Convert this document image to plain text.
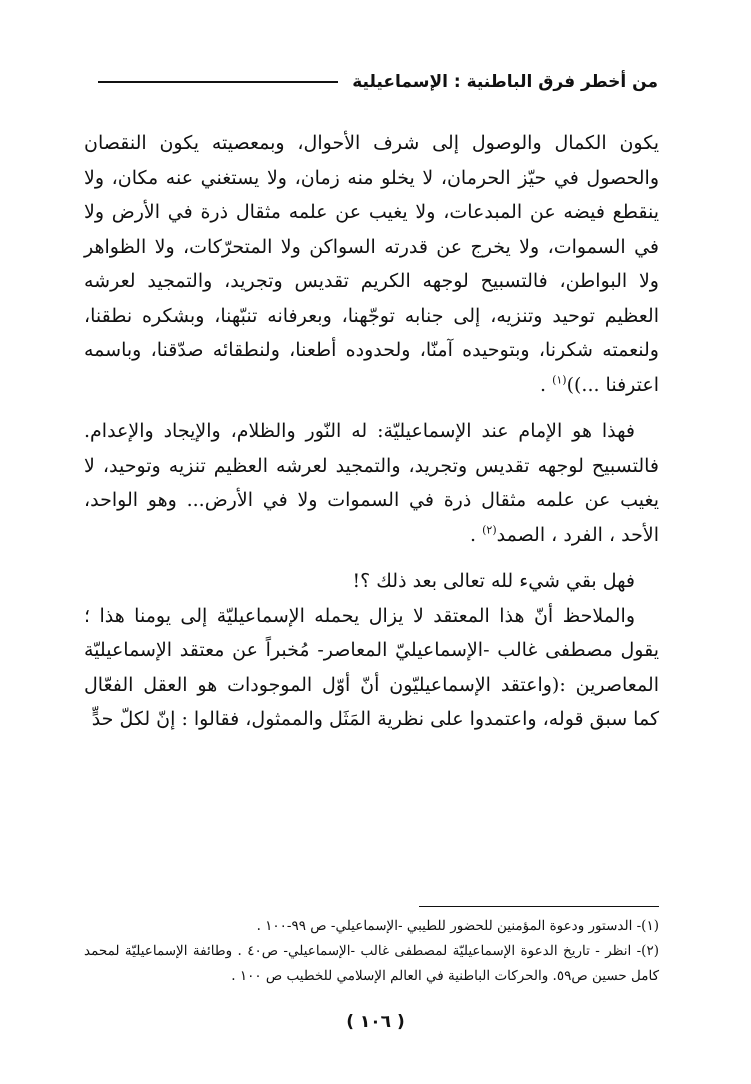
من أخطر فرق الباطنية : الإسماعيلية

يكون الكمال والوصول إلى شرف الأحوال، وبمعصيته يكون النقصان والحصول في حيّز الحرمان، لا يخلو منه زمان، ولا يستغني عنه مكان، ولا ينقطع فيضه عن المبدعات، ولا يغيب عن علمه مثقال ذرة في الأرض ولا في السموات، ولا يخرج عن قدرته السواكن ولا المتحرّكات، ولا الظواهر ولا البواطن، فالتسبيح لوجهه الكريم تقديس وتجريد، والتمجيد لعرشه العظيم توحيد وتنزيه، إلى جنابه توجّهنا، وبعرفانه تنبّهنا، وبشكره نطقنا، ولنعمته شكرنا، وبتوحيده آمنّا، ولحدوده أطعنا، ولنطقائه صدّقنا، وباسمه اعترفنا ...))$^{(١)}$ .

فهذا هو الإمام عند الإسماعيليّة: له النّور والظلام، والإيجاد والإعدام. فالتسبيح لوجهه تقديس وتجريد، والتمجيد لعرشه العظيم تنزيه وتوحيد، لا يغيب عن علمه مثقال ذرة في السموات ولا في الأرض... وهو الواحد، الأحد ، الفرد ، الصمد$^{(٢)}$ .

فهل بقي شيء لله تعالى بعد ذلك ؟!

والملاحظ أنّ هذا المعتقد لا يزال يحمله الإسماعيليّة إلى يومنا هذا ؛ يقول مصطفى غالب -الإسماعيليّ المعاصر- مُخبراً عن معتقد الإسماعيليّة المعاصرين :(واعتقد الإسماعيليّون أنّ أوّل الموجودات هو العقل الفعّال كما سبق قوله، واعتمدوا على نظرية المَثَل والممثول، فقالوا : إنّ لكلّ حدٍّ

(١)- الدستور ودعوة المؤمنين للحضور للطيبي -الإسماعيلي- ص ٩٩-١٠٠ .

(٢)- انظر - تاريخ الدعوة الإسماعيليّة لمصطفى غالب -الإسماعيلي- ص٤٠ . وطائفة الإسماعيليّة لمحمد كامل حسين ص٥٩. والحركات الباطنية في العالم الإسلامي للخطيب ص ١٠٠ .

( ١٠٦ )
